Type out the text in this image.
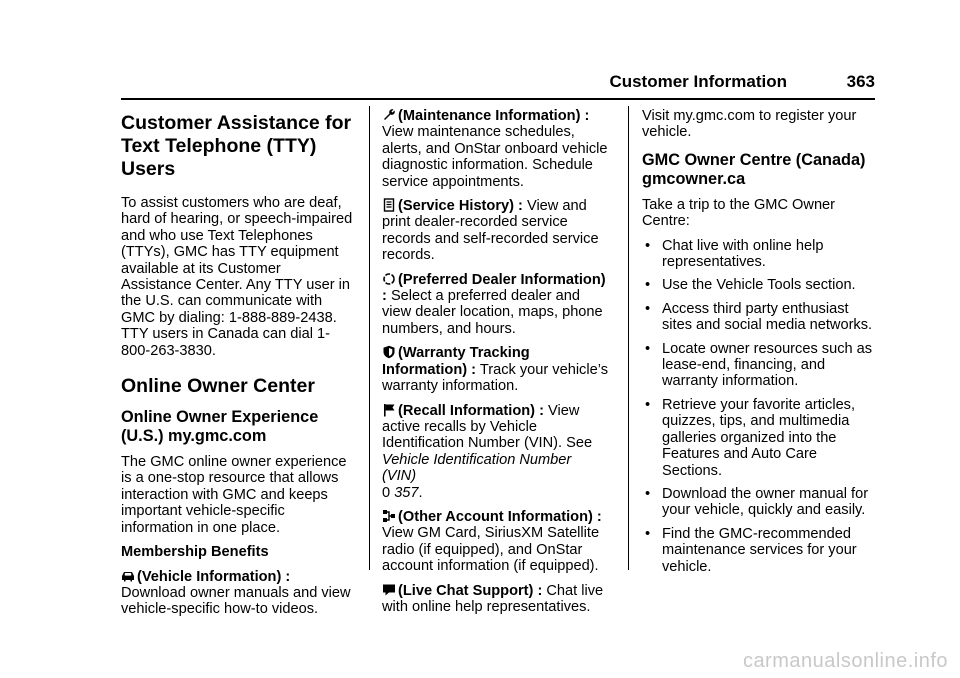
Customer Information	363
Customer Assistance for Text Telephone (TTY) Users

To assist customers who are deaf, hard of hearing, or speech-impaired and who use Text Telephones (TTYs), GMC has TTY equipment available at its Customer Assistance Center. Any TTY user in the U.S. can communicate with GMC by dialing: 1-888-889-2438. TTY users in Canada can dial 1-800-263-3830.

Online Owner Center
Online Owner Experience (U.S.) my.gmc.com

The GMC online owner experience is a one-stop resource that allows interaction with GMC and keeps important vehicle-specific information in one place.

Membership Benefits
(Vehicle Information) : Download owner manuals and view vehicle-specific how-to videos.
(Maintenance Information) : View maintenance schedules, alerts, and OnStar onboard vehicle diagnostic information. Schedule service appointments.
(Service History) : View and print dealer-recorded service records and self-recorded service records.
(Preferred Dealer Information) : Select a preferred dealer and view dealer location, maps, phone numbers, and hours.
(Warranty Tracking Information) : Track your vehicle’s warranty information.
(Recall Information) : View active recalls by Vehicle Identification Number (VIN). See Vehicle Identification Number (VIN)
0 357.
(Other Account Information) : View GM Card, SiriusXM Satellite radio (if equipped), and OnStar account information (if equipped).
(Live Chat Support) : Chat live with online help representatives.

Visit my.gmc.com to register your vehicle.

GMC Owner Centre (Canada) gmcowner.ca

Take a trip to the GMC Owner Centre:

• Chat live with online help representatives.
• Use the Vehicle Tools section.
• Access third party enthusiast sites and social media networks.
• Locate owner resources such as lease-end, financing, and warranty information.
• Retrieve your favorite articles, quizzes, tips, and multimedia galleries organized into the Features and Auto Care Sections.
• Download the owner manual for your vehicle, quickly and easily.
• Find the GMC-recommended maintenance services for your vehicle.
carmanualsonline.info
